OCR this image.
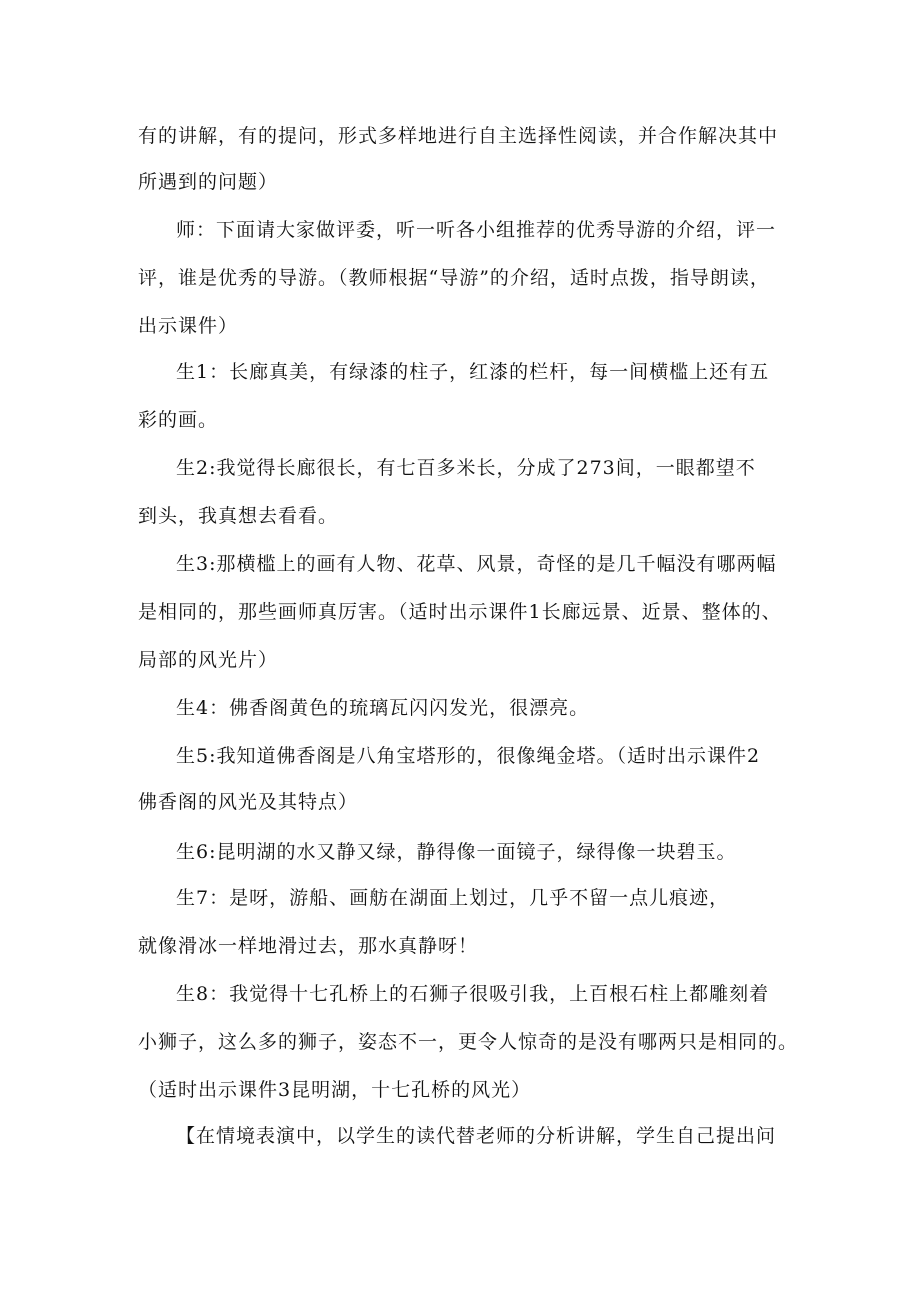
有的讲解，有的提问，形式多样地进行自主选择性阅读，并合作解决其中
所遇到的问题）
师：下面请大家做评委，听一听各小组推荐的优秀导游的介绍，评一
评，谁是优秀的导游。（教师根据“导游”的介绍，适时点拨，指导朗读，
出示课件）
生1：长廊真美，有绿漆的柱子，红漆的栏杆，每一间横槛上还有五
彩的画。
生2:我觉得长廊很长，有七百多米长，分成了273间，一眼都望不
到头，我真想去看看。
生3:那横槛上的画有人物、花草、风景，奇怪的是几千幅没有哪两幅
是相同的，那些画师真厉害。（适时出示课件1长廊远景、近景、整体的、
局部的风光片）
生4：佛香阁黄色的琉璃瓦闪闪发光，很漂亮。
生5:我知道佛香阁是八角宝塔形的，很像绳金塔。（适时出示课件2
佛香阁的风光及其特点）
生6:昆明湖的水又静又绿，静得像一面镜子，绿得像一块碧玉。
生7：是呀，游船、画舫在湖面上划过，几乎不留一点儿痕迹，
就像滑冰一样地滑过去，那水真静呀！
生8：我觉得十七孔桥上的石狮子很吸引我，上百根石柱上都雕刻着
小狮子，这么多的狮子，姿态不一，更令人惊奇的是没有哪两只是相同的。
（适时出示课件3昆明湖，十七孔桥的风光）
【在情境表演中，以学生的读代替老师的分析讲解，学生自己提出问
